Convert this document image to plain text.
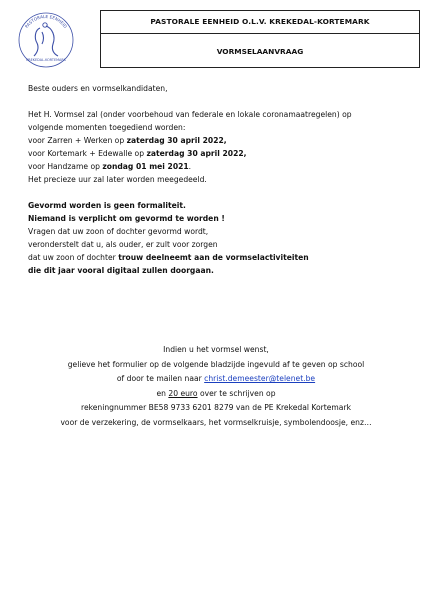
PASTORALE EENHEID
KREKEDAL-KORTEMARK
PASTORALE EENHEID O.L.V. KREKEDAL-KORTEMARK
VORMSELAANVRAAG

Beste ouders en vormselkandidaten,

Het H. Vormsel zal (onder voorbehoud van federale en lokale coronamaatregelen) op

volgende momenten toegediend worden:

voor Zarren + Werken op zaterdag 30 april 2022,

voor Kortemark + Edewalle op zaterdag 30 april 2022,

voor Handzame op zondag 01 mei 2021.

Het precieze uur zal later worden meegedeeld.

Gevormd worden is geen formaliteit.

Niemand is verplicht om gevormd te worden !

Vragen dat uw zoon of dochter gevormd wordt,

veronderstelt dat u, als ouder, er zult voor zorgen

dat uw zoon of dochter trouw deelneemt aan de vormselactiviteiten

die dit jaar vooral digitaal zullen doorgaan.

Indien u het vormsel wenst,

gelieve het formulier op de volgende bladzijde ingevuld af te geven op school

of door te mailen naar christ.demeester@telenet.be

en 20 euro over te schrijven op

rekeningnummer BE58 9733 6201 8279 van de PE Krekedal Kortemark

voor de verzekering, de vormselkaars, het vormselkruisje, symbolendoosje, enz…
